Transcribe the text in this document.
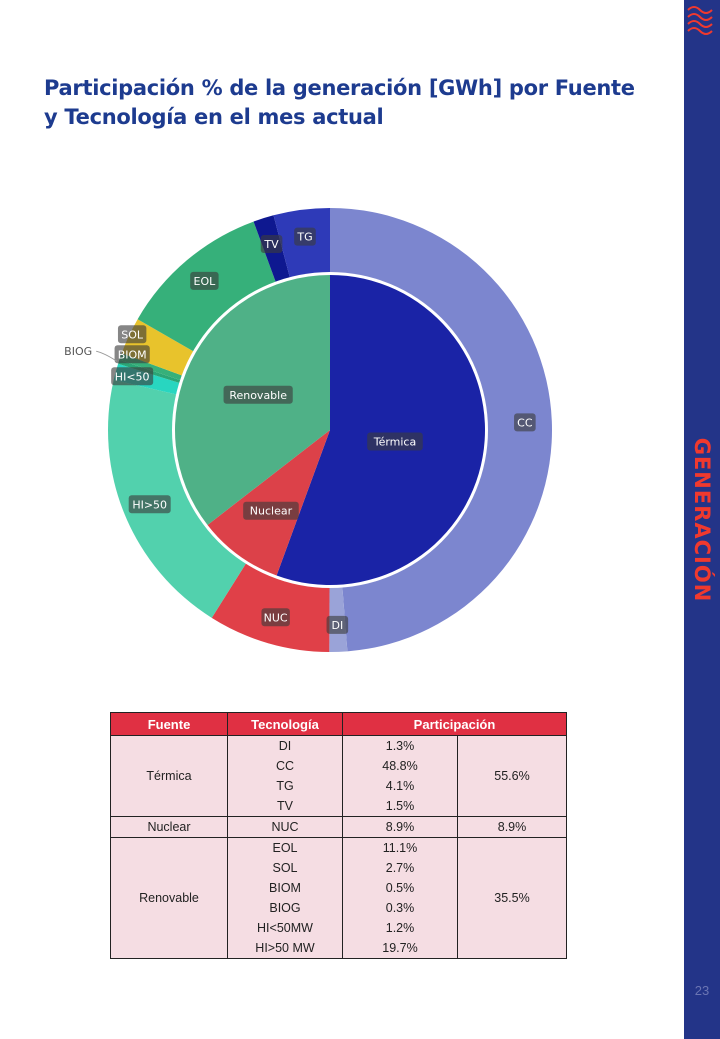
Participación % de la generación [GWh] por Fuente
y Tecnología en el mes actual
GENERACIÓN
23
Térmica
Nuclear
Renovable
DI
CC
TG
TV
NUC
EOL
SOL
BIOM
HI<50
HI>50
BIOG
Fuente	Tecnología	Participación	
Térmica	DI	1.3%	55.6%
	CC	48.8%	
	TG	4.1%	
	TV	1.5%	
Nuclear	NUC	8.9%	8.9%
Renovable	EOL	11.1%	35.5%
	SOL	2.7%	
	BIOM	0.5%	
	BIOG	0.3%	
	HI<50MW	1.2%	
	HI>50 MW	19.7%	
